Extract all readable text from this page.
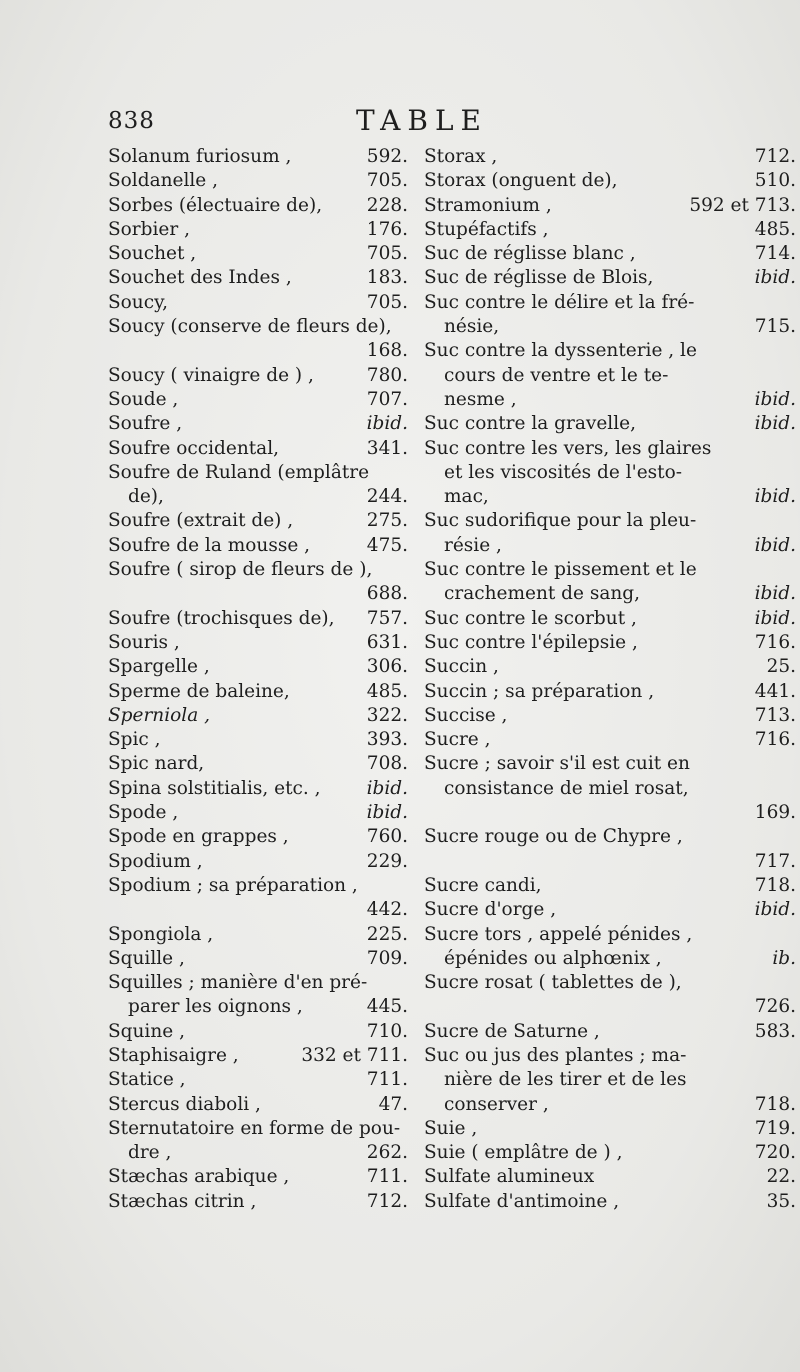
838	TABLE
Solanum furiosum ,	592.
Soldanelle ,	705.
Sorbes (électuaire de),	228.
Sorbier ,	176.
Souchet ,	705.
Souchet des Indes ,	183.
Soucy,	705.
Soucy (conserve de fleurs de),
168.
Soucy ( vinaigre de ) ,	780.
Soude ,	707.
Soufre ,	ibid.
Soufre occidental,	341.
Soufre de Ruland (emplâtre
de),	244.
Soufre (extrait de) ,	275.
Soufre de la mousse ,	475.
Soufre ( sirop de fleurs de ),
688.
Soufre (trochisques de),	757.
Souris ,	631.
Spargelle ,	306.
Sperme de baleine,	485.
Sperniola ,	322.
Spic ,	393.
Spic nard,	708.
Spina solstitialis, etc. ,	ibid.
Spode ,	ibid.
Spode en grappes ,	760.
Spodium ,	229.
Spodium ; sa préparation ,
442.
Spongiola ,	225.
Squille ,	709.
Squilles ; manière d'en pré-
parer les oignons ,	445.
Squine ,	710.
Staphisaigre ,	332 et 711.
Statice ,	711.
Stercus diaboli ,	47.
Sternutatoire en forme de pou-
dre ,	262.
Stæchas arabique ,	711.
Stæchas citrin ,	712.
Storax ,	712.
Storax (onguent de),	510.
Stramonium ,	592 et 713.
Stupéfactifs ,	485.
Suc de réglisse blanc ,	714.
Suc de réglisse de Blois,	ibid.
Suc contre le délire et la fré-
nésie,	715.
Suc contre la dyssenterie , le
cours de ventre et le te-
nesme ,	ibid.
Suc contre la gravelle,	ibid.
Suc contre les vers, les glaires
et les viscosités de l'esto-
mac,	ibid.
Suc sudorifique pour la pleu-
résie ,	ibid.
Suc contre le pissement et le
crachement de sang,	ibid.
Suc contre le scorbut ,	ibid.
Suc contre l'épilepsie ,	716.
Succin ,	25.
Succin ; sa préparation ,	441.
Succise ,	713.
Sucre ,	716.
Sucre ; savoir s'il est cuit en
consistance de miel rosat,
169.
Sucre rouge ou de Chypre ,
717.
Sucre candi,	718.
Sucre d'orge ,	ibid.
Sucre tors , appelé pénides ,
épénides ou alphœnix ,	ib.
Sucre rosat ( tablettes de ),
726.
Sucre de Saturne ,	583.
Suc ou jus des plantes ; ma-
nière de les tirer et de les
conserver ,	718.
Suie ,	719.
Suie ( emplâtre de ) ,	720.
Sulfate alumineux	22.
Sulfate d'antimoine ,	35.
